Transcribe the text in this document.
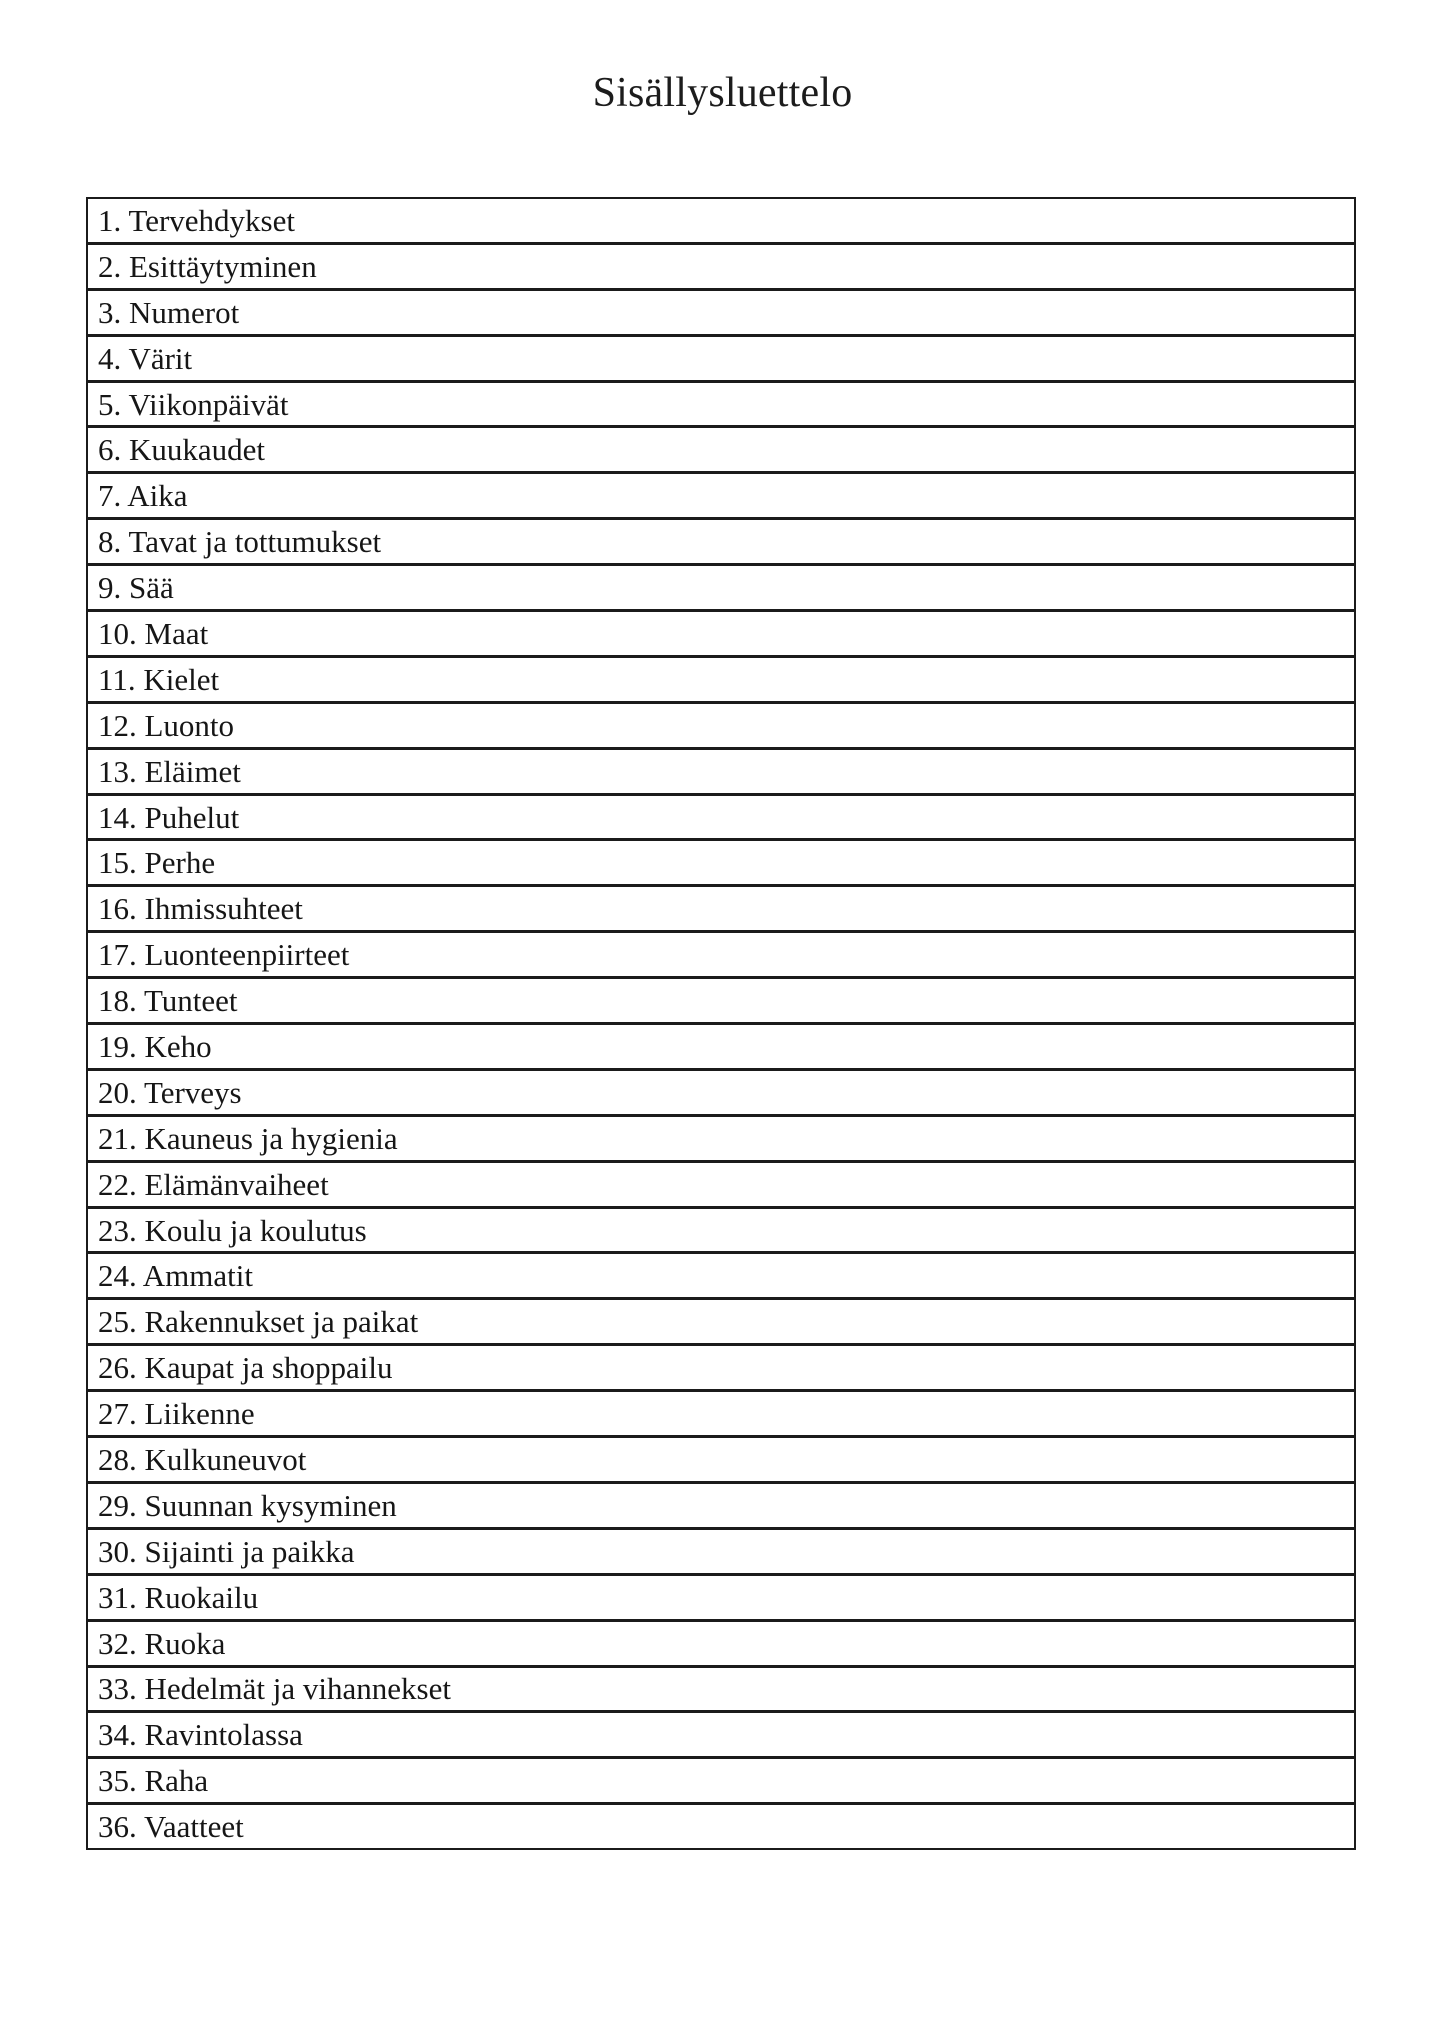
Sisällysluettelo
1. Tervehdykset
2. Esittäytyminen
3. Numerot
4. Värit
5. Viikonpäivät
6. Kuukaudet
7. Aika
8. Tavat ja tottumukset
9. Sää
10. Maat
11. Kielet
12. Luonto
13. Eläimet
14. Puhelut
15. Perhe
16. Ihmissuhteet
17. Luonteenpiirteet
18. Tunteet
19. Keho
20. Terveys
21. Kauneus ja hygienia
22. Elämänvaiheet
23. Koulu ja koulutus
24. Ammatit
25. Rakennukset ja paikat
26. Kaupat ja shoppailu
27. Liikenne
28. Kulkuneuvot
29. Suunnan kysyminen
30. Sijainti ja paikka
31. Ruokailu
32. Ruoka
33. Hedelmät ja vihannekset
34. Ravintolassa
35. Raha
36. Vaatteet
